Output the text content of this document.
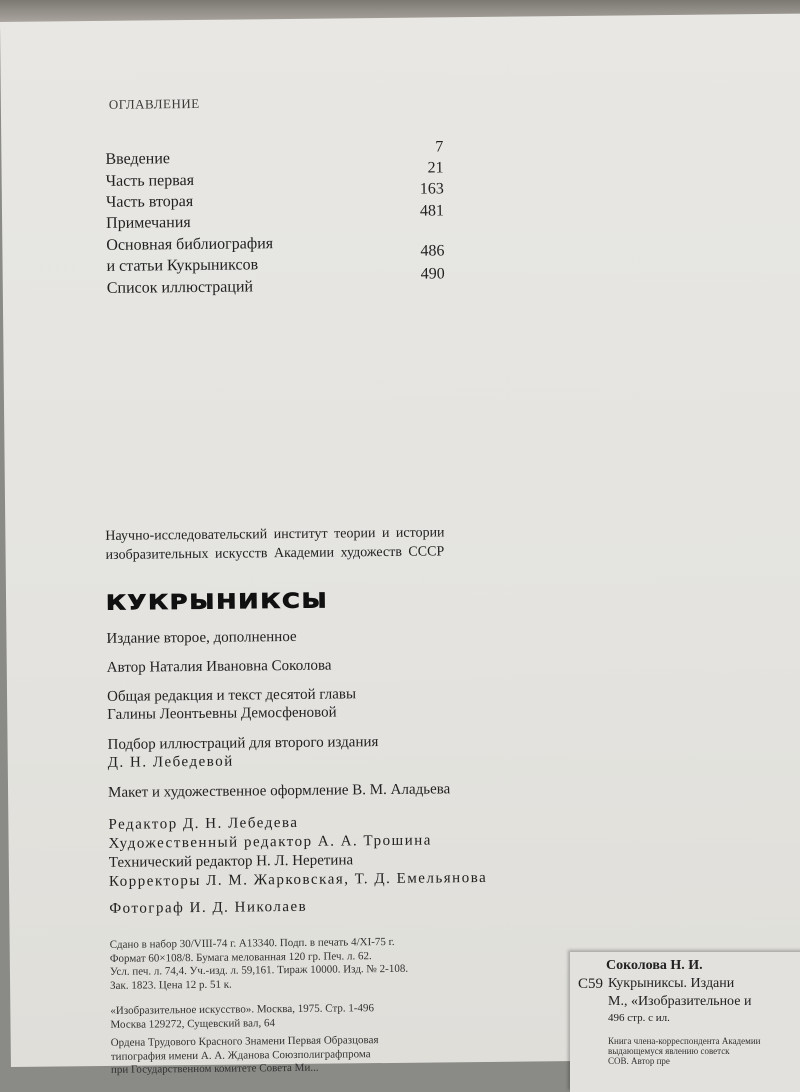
ОГЛАВЛЕНИЕ
Введение
Часть первая
Часть вторая
Примечания
Основная библиография
и статьи Кукрыниксов
Список иллюстраций
7
21
163
481
486
490
Научно-исследовательский институт теории и истории
изобразительных искусств Академии художеств СССР
КУКРЫНИКСЫ
Издание второе, дополненное
Автор Наталия Ивановна Соколова
Общая редакция и текст десятой главы
Галины Леонтьевны Демосфеновой
Подбор иллюстраций для второго издания
Д. Н. Лебедевой
Макет и художественное оформление В. М. Аладьева
Редактор Д. Н. Лебедева
Художественный редактор А. А. Трошина
Технический редактор Н. Л. Неретина
Корректоры Л. М. Жарковская, Т. Д. Емельянова
Фотограф И. Д. Николаев
Сдано в набор 30/VIII-74 г. А13340. Подп. в печать 4/XI-75 г.
Формат 60×108/8. Бумага мелованная 120 гр. Печ. л. 62.
Усл. печ. л. 74,4. Уч.-изд. л. 59,161. Тираж 10000. Изд. № 2-108.
Зак. 1823. Цена 12 р. 51 к.
«Изобразительное искусство». Москва, 1975. Стр. 1-496
Москва 129272, Сущевский вал, 64
Ордена Трудового Красного Знамени Первая Образцовая
типография имени А. А. Жданова Союзполиграфпрома
при Государственном комитете Совета Ми...
Соколова Н. И.
С59 Кукрыниксы. Издани
М., «Изобразительное и
496 стр. с ил.
Книга члена-корреспондента Академии
выдающемуся явлению советск
СОВ. Автор пре
